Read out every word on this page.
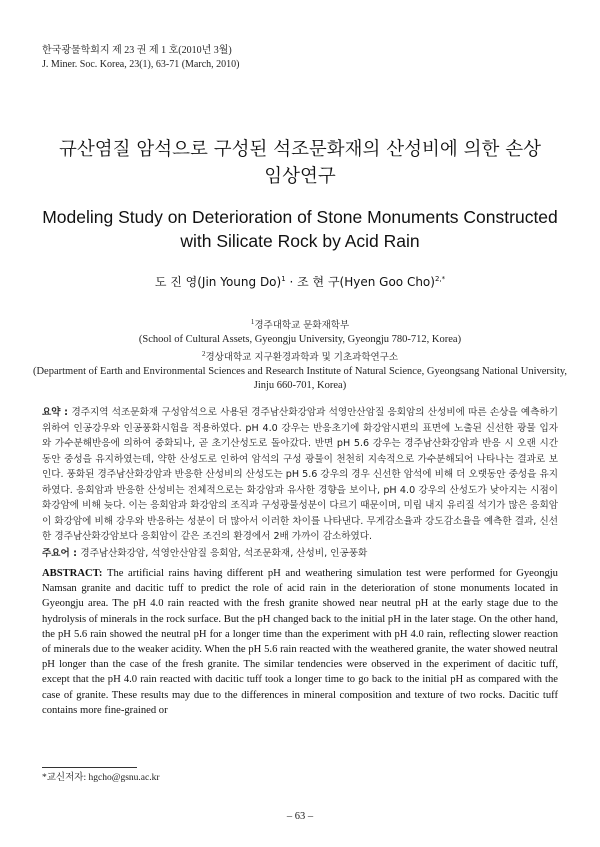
한국광물학회지 제 23 권 제 1 호(2010년 3월)
J. Miner. Soc. Korea, 23(1), 63-71 (March, 2010)
규산염질 암석으로 구성된 석조문화재의 산성비에 의한 손상
임상연구
Modeling Study on Deterioration of Stone Monuments Constructed
with Silicate Rock by Acid Rain
도 진 영(Jin Young Do)$^1$ · 조 현 구(Hyen Goo Cho)$^{2,*}$
$^1$경주대학교 문화재학부
(School of Cultural Assets, Gyeongju University, Gyeongju 780-712, Korea)
$^2$경상대학교 지구환경과학과 및 기초과학연구소
(Department of Earth and Environmental Sciences and Research Institute of Natural Science, Gyeongsang National University, Jinju 660-701, Korea)
요약 : 경주지역 석조문화재 구성암석으로 사용된 경주남산화강암과 석영안산암질 응회암의 산성비에 따른 손상을 예측하기 위하여 인공강우와 인공풍화시험을 적용하였다. pH 4.0 강우는 반응초기에 화강암시편의 표면에 노출된 신선한 광물 입자와 가수분해반응에 의하여 중화되나, 곧 초기산성도로 돌아갔다. 반면 pH 5.6 강우는 경주남산화강암과 반응 시 오랜 시간 동안 중성을 유지하였는데, 약한 산성도로 인하여 암석의 구성 광물이 천천히 지속적으로 가수분해되어 나타나는 결과로 보인다. 풍화된 경주남산화강암과 반응한 산성비의 산성도는 pH 5.6 강우의 경우 신선한 암석에 비해 더 오랫동안 중성을 유지하였다. 응회암과 반응한 산성비는 전체적으로는 화강암과 유사한 경향을 보이나, pH 4.0 강우의 산성도가 낮아지는 시점이 화강암에 비해 늦다. 이는 응회암과 화강암의 조직과 구성광물성분이 다르기 때문이며, 미립 내지 유리질 석기가 많은 응회암이 화강암에 비해 강우와 반응하는 성분이 더 많아서 이러한 차이를 나타낸다. 무게감소율과 강도감소율을 예측한 결과, 신선한 경주남산화강암보다 응회암이 같은 조건의 환경에서 2배 가까이 감소하였다.
주요어 : 경주남산화강암, 석영안산암질 응회암, 석조문화재, 산성비, 인공풍화
ABSTRACT: The artificial rains having different pH and weathering simulation test were performed for Gyeongju Namsan granite and dacitic tuff to predict the role of acid rain in the deterioration of stone monuments located in Gyeongju area. The pH 4.0 rain reacted with the fresh granite showed near neutral pH at the early stage due to the hydrolysis of minerals in the rock surface. But the pH changed back to the initial pH in the later stage. On the other hand, the pH 5.6 rain showed the neutral pH for a longer time than the experiment with pH 4.0 rain, reflecting slower reaction of minerals due to the weaker acidity. When the pH 5.6 rain reacted with the weathered granite, the water showed neutral pH longer than the case of the fresh granite. The similar tendencies were observed in the experiment of dacitic tuff, except that the pH 4.0 rain reacted with dacitic tuff took a longer time to go back to the initial pH as compared with the case of granite. These results may due to the differences in mineral composition and texture of two rocks. Dacitic tuff contains more fine-grained or
*교신저자: hgcho@gsnu.ac.kr
– 63 –
